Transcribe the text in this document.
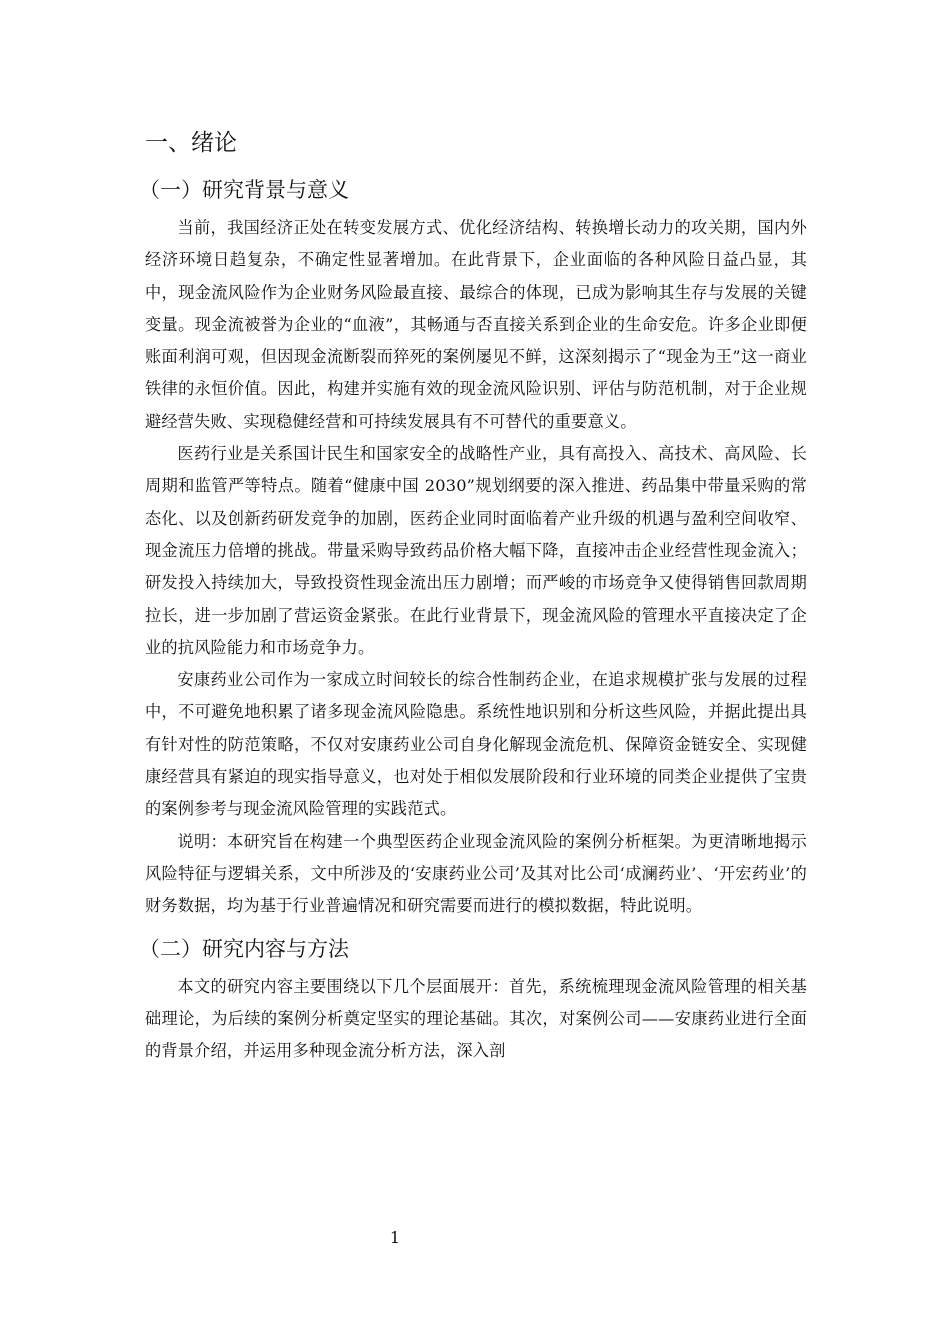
一、绪论
（一）研究背景与意义

当前，我国经济正处在转变发展方式、优化经济结构、转换增长动力的攻关期，国内外经济环境日趋复杂，不确定性显著增加。在此背景下，企业面临的各种风险日益凸显，其中，现金流风险作为企业财务风险最直接、最综合的体现，已成为影响其生存与发展的关键变量。现金流被誉为企业的“血液”，其畅通与否直接关系到企业的生命安危。许多企业即便账面利润可观，但因现金流断裂而猝死的案例屡见不鲜，这深刻揭示了“现金为王”这一商业铁律的永恒价值。因此，构建并实施有效的现金流风险识别、评估与防范机制，对于企业规避经营失败、实现稳健经营和可持续发展具有不可替代的重要意义。

医药行业是关系国计民生和国家安全的战略性产业，具有高投入、高技术、高风险、长周期和监管严等特点。随着“健康中国 2030”规划纲要的深入推进、药品集中带量采购的常态化、以及创新药研发竞争的加剧，医药企业同时面临着产业升级的机遇与盈利空间收窄、现金流压力倍增的挑战。带量采购导致药品价格大幅下降，直接冲击企业经营性现金流入；研发投入持续加大，导致投资性现金流出压力剧增；而严峻的市场竞争又使得销售回款周期拉长，进一步加剧了营运资金紧张。在此行业背景下，现金流风险的管理水平直接决定了企业的抗风险能力和市场竞争力。

安康药业公司作为一家成立时间较长的综合性制药企业，在追求规模扩张与发展的过程中，不可避免地积累了诸多现金流风险隐患。系统性地识别和分析这些风险，并据此提出具有针对性的防范策略，不仅对安康药业公司自身化解现金流危机、保障资金链安全、实现健康经营具有紧迫的现实指导意义，也对处于相似发展阶段和行业环境的同类企业提供了宝贵的案例参考与现金流风险管理的实践范式。

说明：本研究旨在构建一个典型医药企业现金流风险的案例分析框架。为更清晰地揭示风险特征与逻辑关系，文中所涉及的‘安康药业公司’及其对比公司‘成澜药业’、‘开宏药业’的财务数据，均为基于行业普遍情况和研究需要而进行的模拟数据，特此说明。

（二）研究内容与方法

本文的研究内容主要围绕以下几个层面展开：首先，系统梳理现金流风险管理的相关基础理论，为后续的案例分析奠定坚实的理论基础。其次，对案例公司——安康药业进行全面的背景介绍，并运用多种现金流分析方法，深入剖

1
